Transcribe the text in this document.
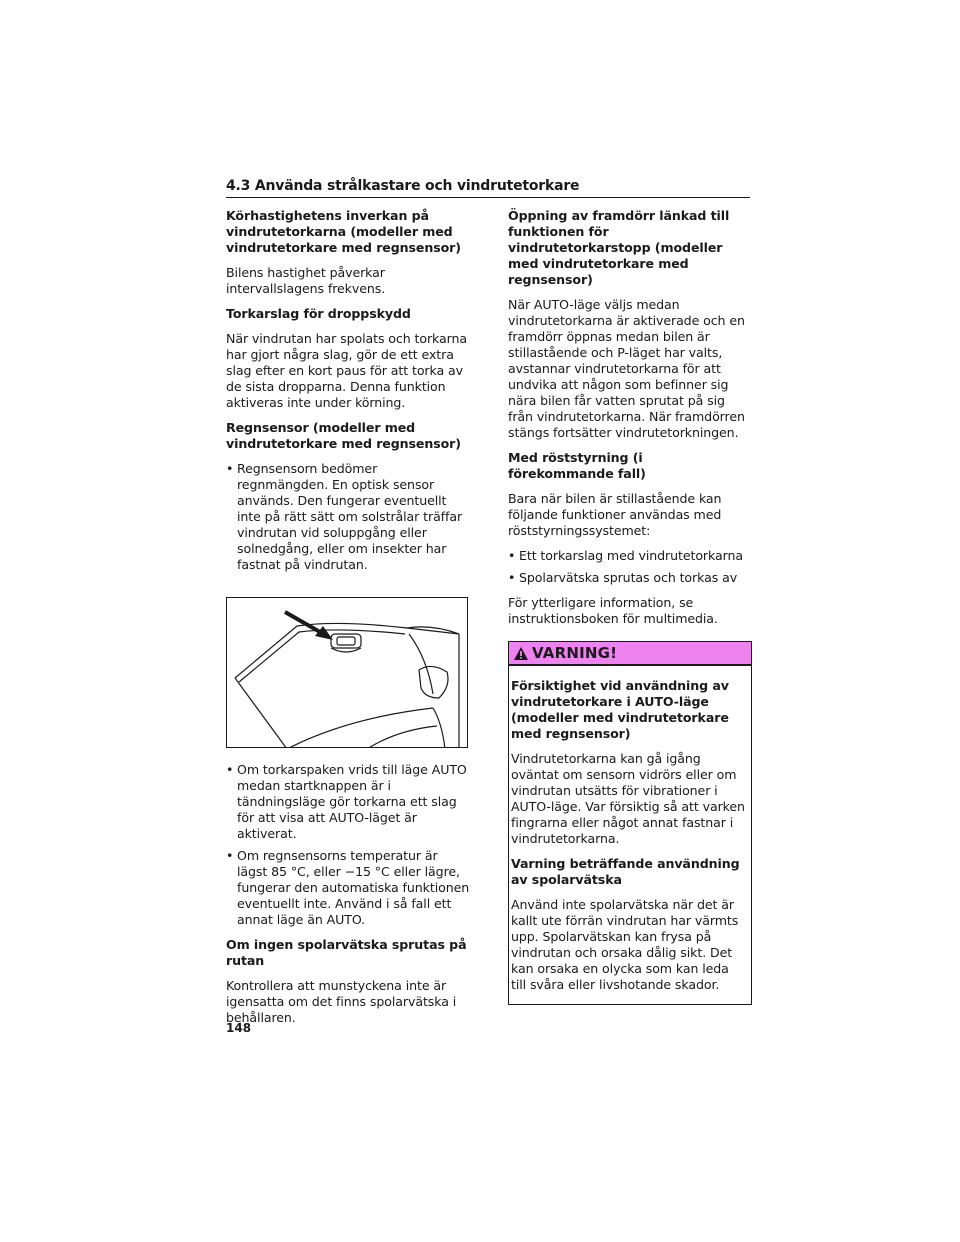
4.3 Använda strålkastare och vindrutetorkare
Körhastighetens inverkan på vindrutetorkarna (modeller med vindrutetorkare med regnsensor)
Bilens hastighet påverkar intervallslagens frekvens.
Torkarslag för droppskydd
När vindrutan har spolats och torkarna har gjort några slag, gör de ett extra slag efter en kort paus för att torka av de sista dropparna. Denna funktion aktiveras inte under körning.
Regnsensor (modeller med vindrutetorkare med regnsensor)
• Regnsensorn bedömer regnmängden. En optisk sensor används. Den fungerar eventuellt inte på rätt sätt om solstrålar träffar vindrutan vid soluppgång eller solnedgång, eller om insekter har fastnat på vindrutan.
• Om torkarspaken vrids till läge AUTO medan startknappen är i tändningsläge gör torkarna ett slag för att visa att AUTO-läget är aktiverat.
• Om regnsensorns temperatur är lägst 85 °C, eller −15 °C eller lägre, fungerar den automatiska funktionen eventuellt inte. Använd i så fall ett annat läge än AUTO.
Om ingen spolarvätska sprutas på rutan
Kontrollera att munstyckena inte är igensatta om det finns spolarvätska i behållaren.
Öppning av framdörr länkad till funktionen för vindrutetorkarstopp (modeller med vindrutetorkare med regnsensor)
När AUTO-läge väljs medan vindrutetorkarna är aktiverade och en framdörr öppnas medan bilen är stillastående och P-läget har valts, avstannar vindrutetorkarna för att undvika att någon som befinner sig nära bilen får vatten sprutat på sig från vindrutetorkarna. När framdörren stängs fortsätter vindrutetorkningen.
Med röststyrning (i förekommande fall)
Bara när bilen är stillastående kan följande funktioner användas med röststyrningssystemet:
• Ett torkarslag med vindrutetorkarna
• Spolarvätska sprutas och torkas av
För ytterligare information, se instruktionsboken för multimedia.
VARNING!
Försiktighet vid användning av vindrutetorkare i AUTO-läge (modeller med vindrutetorkare med regnsensor)
Vindrutetorkarna kan gå igång oväntat om sensorn vidrörs eller om vindrutan utsätts för vibrationer i AUTO-läge. Var försiktig så att varken fingrarna eller något annat fastnar i vindrutetorkarna.
Varning beträffande användning av spolarvätska
Använd inte spolarvätska när det är kallt ute förrän vindrutan har värmts upp. Spolarvätskan kan frysa på vindrutan och orsaka dålig sikt. Det kan orsaka en olycka som kan leda till svåra eller livshotande skador.
148
